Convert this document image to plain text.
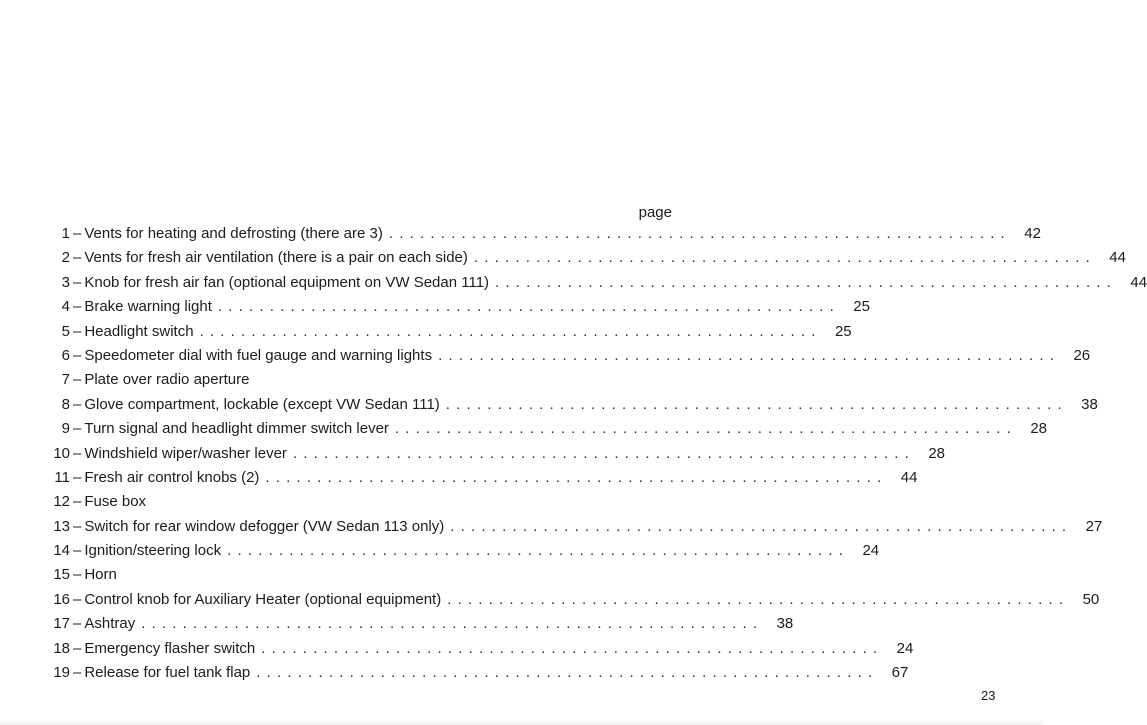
page
1 – Vents for heating and defrosting (there are 3) ............................................................ 42
2 – Vents for fresh air ventilation (there is a pair on each side) ............................................................ 44
3 – Knob for fresh air fan (optional equipment on VW Sedan 111) ............................................................ 44
4 – Brake warning light ............................................................ 25
5 – Headlight switch ............................................................ 25
6 – Speedometer dial with fuel gauge and warning lights ............................................................ 26
7 – Plate over radio aperture
8 – Glove compartment, lockable (except VW Sedan 111) ............................................................ 38
9 – Turn signal and headlight dimmer switch lever ............................................................ 28
10 – Windshield wiper/washer lever ............................................................ 28
11 – Fresh air control knobs (2) ............................................................ 44
12 – Fuse box
13 – Switch for rear window defogger (VW Sedan 113 only) ............................................................ 27
14 – Ignition/steering lock ............................................................ 24
15 – Horn
16 – Control knob for Auxiliary Heater (optional equipment) ............................................................ 50
17 – Ashtray ............................................................ 38
18 – Emergency flasher switch ............................................................ 24
19 – Release for fuel tank flap ............................................................ 67
23
